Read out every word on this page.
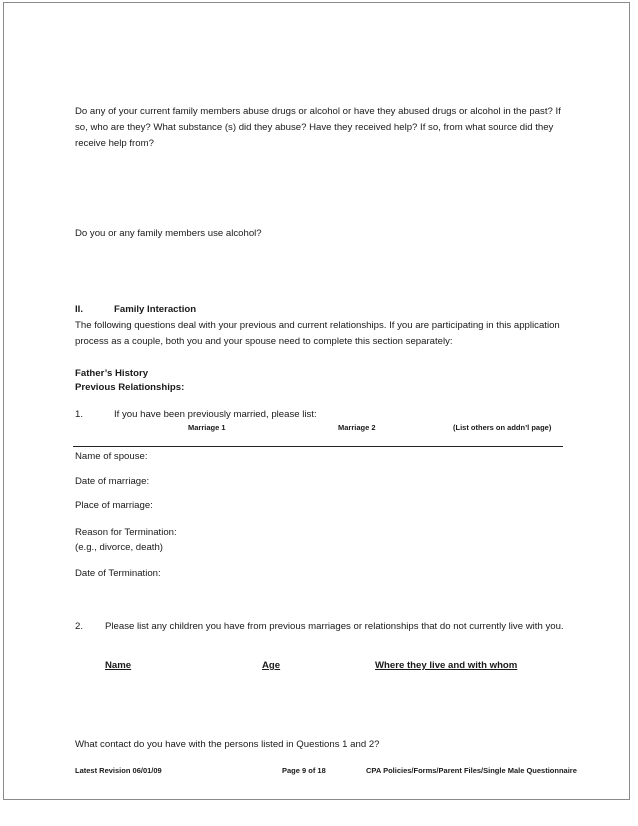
Do any of your current family members abuse drugs or alcohol or have they abused drugs or alcohol in the past? If so, who are they? What substance (s) did they abuse? Have they received help? If so, from what source did they receive help from?
Do you or any family members use alcohol?
II.	Family Interaction
The following questions deal with your previous and current relationships. If you are participating in this application process as a couple, both you and your spouse need to complete this section separately:
Father’s History
Previous Relationships:
1.	If you have been previously married, please list:
Marriage 1	Marriage 2	(List others on addn’l page)
Name of spouse:
Date of marriage:
Place of marriage:
Reason for Termination:
(e.g., divorce, death)
Date of Termination:
2. Please list any children you have from previous marriages or relationships that do not currently live with you.
Name	Age	Where they live and with whom
What contact do you have with the persons listed in Questions 1 and 2?
Latest Revision 06/01/09	Page 9 of 18	CPA Policies/Forms/Parent Files/Single Male Questionnaire
